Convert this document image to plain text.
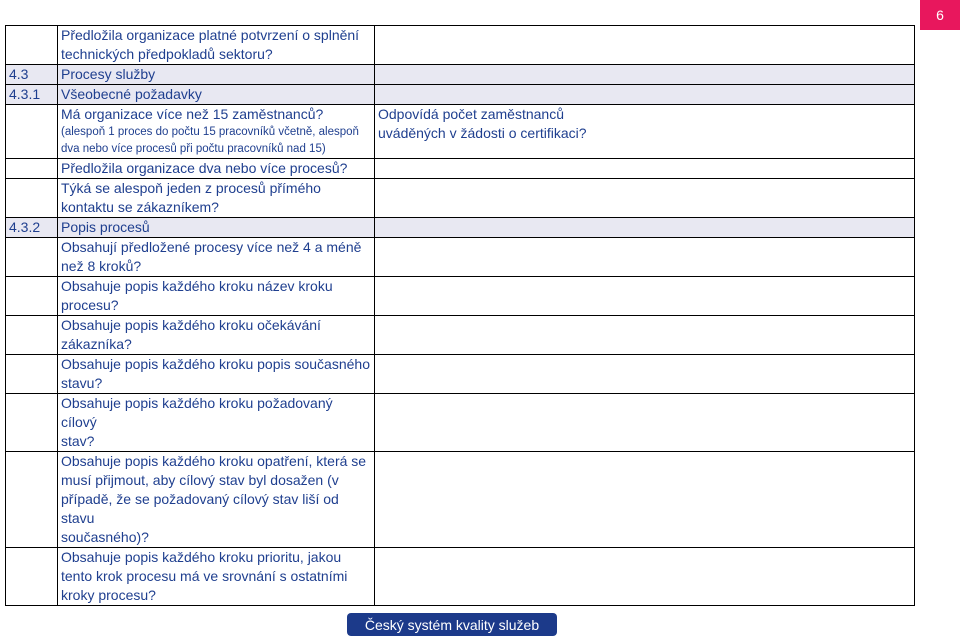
6

	Předložila organizace platné potvrzení o splnění
technických předpokladů sektoru?	

4.3	Procesy služby	

4.3.1	Všeobecné požadavky	

	Má organizace více než 15 zaměstnanců?
(alespoň 1 proces do počtu 15 pracovníků včetně, alespoň
dva nebo více procesů při počtu pracovníků nad 15)	Odpovídá počet zaměstnanců
uváděných v žádosti o certifikaci?

	Předložila organizace dva nebo více procesů?	

	Týká se alespoň jeden z procesů přímého
kontaktu se zákazníkem?	

4.3.2	Popis procesů	

	Obsahují předložené procesy více než 4 a méně
než 8 kroků?	

	Obsahuje popis každého kroku název kroku
procesu?	

	Obsahuje popis každého kroku očekávání
zákazníka?	

	Obsahuje popis každého kroku popis současného
stavu?	

	Obsahuje popis každého kroku požadovaný cílový
stav?	

	Obsahuje popis každého kroku opatření, která se
musí přijmout, aby cílový stav byl dosažen (v
případě, že se požadovaný cílový stav liší od stavu
současného)?	

	Obsahuje popis každého kroku prioritu, jakou
tento krok procesu má ve srovnání s ostatními
kroky procesu?	

Český systém kvality služeb
